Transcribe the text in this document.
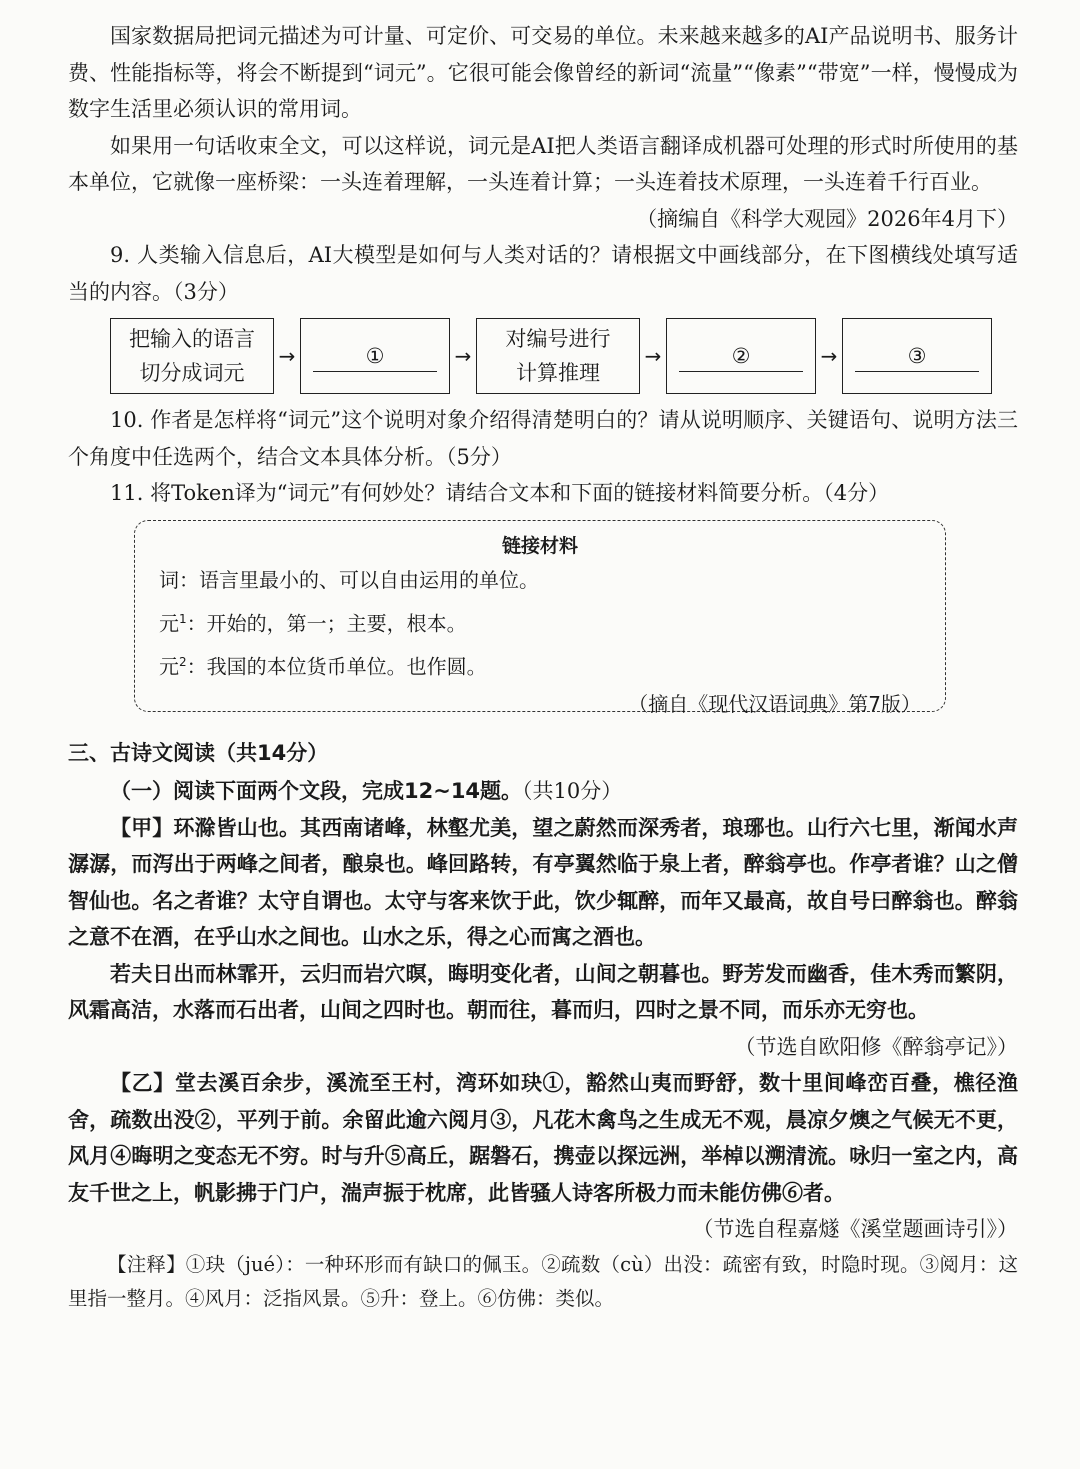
国家数据局把词元描述为可计量、可定价、可交易的单位。未来越来越多的AI产品说明书、服务计费、性能指标等，将会不断提到“词元”。它很可能会像曾经的新词“流量”“像素”“带宽”一样，慢慢成为数字生活里必须认识的常用词。

如果用一句话收束全文，可以这样说，词元是AI把人类语言翻译成机器可处理的形式时所使用的基本单位，它就像一座桥梁：一头连着理解，一头连着计算；一头连着技术原理，一头连着千行百业。

（摘编自《科学大观园》2026年4月下）

9. 人类输入信息后，AI大模型是如何与人类对话的？请根据文中画线部分，在下图横线处填写适当的内容。（3分）

把输入的语言
切分成词元
→	①	→
对编号进行
计算推理
→	②	→	③

10. 作者是怎样将“词元”这个说明对象介绍得清楚明白的？请从说明顺序、关键语句、说明方法三个角度中任选两个，结合文本具体分析。（5分）

11. 将Token译为“词元”有何妙处？请结合文本和下面的链接材料简要分析。（4分）

链接材料
词：语言里最小的、可以自由运用的单位。
元$^1$：开始的，第一；主要，根本。
元$^2$：我国的本位货币单位。也作圆。
（摘自《现代汉语词典》第7版）

三、古诗文阅读（共14分）

（一）阅读下面两个文段，完成12~14题。（共10分）

【甲】环滁皆山也。其西南诸峰，林壑尤美，望之蔚然而深秀者，琅琊也。山行六七里，渐闻水声潺潺，而泻出于两峰之间者，酿泉也。峰回路转，有亭翼然临于泉上者，醉翁亭也。作亭者谁？山之僧智仙也。名之者谁？太守自谓也。太守与客来饮于此，饮少辄醉，而年又最高，故自号曰醉翁也。醉翁之意不在酒，在乎山水之间也。山水之乐，得之心而寓之酒也。

若夫日出而林霏开，云归而岩穴暝，晦明变化者，山间之朝暮也。野芳发而幽香，佳木秀而繁阴，风霜高洁，水落而石出者，山间之四时也。朝而往，暮而归，四时之景不同，而乐亦无穷也。

（节选自欧阳修《醉翁亭记》）

【乙】堂去溪百余步，溪流至王村，湾环如玦①，豁然山夷而野舒，数十里间峰峦百叠，樵径渔舍，疏数出没②，平列于前。余留此逾六阅月③，凡花木禽鸟之生成无不观，晨凉夕燠之气候无不更，风月④晦明之变态无不穷。时与升⑤高丘，踞磐石，携壶以探远洲，举棹以溯清流。咏归一室之内，高友千世之上，帆影拂于门户，湍声振于枕席，此皆骚人诗客所极力而未能仿佛⑥者。

（节选自程嘉燧《溪堂题画诗引》）

【注释】①玦（jué）：一种环形而有缺口的佩玉。②疏数（cù）出没：疏密有致，时隐时现。③阅月：这里指一整月。④风月：泛指风景。⑤升：登上。⑥仿佛：类似。
